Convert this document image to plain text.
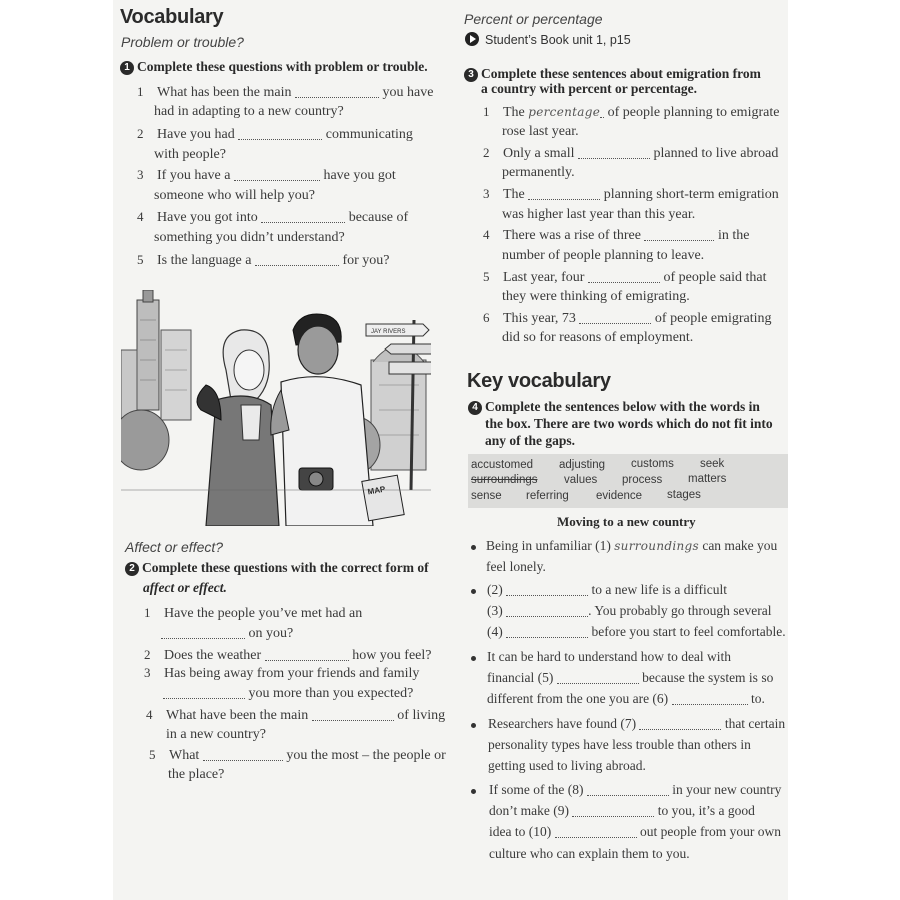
Vocabulary
Problem or trouble?
1 Complete these questions with problem or trouble.
1 What has been the main	you have
had in adapting to a new country?
2 Have you had	communicating
with people?
3 If you have a	have you got
someone who will help you?
4 Have you got into	because of
something you didn’t understand?
5 Is the language a	for you?
JAY RIVERS
MAP
Affect or effect?
2 Complete these questions with the correct form of
affect or effect.
1 Have the people you’ve met had an
on you?
2 Does the weather	how you feel?
3 Has being away from your friends and family
you more than you expected?
4 What have been the main	of living
in a new country?
5 What	you the most – the people or
the place?
Percent or percentage
Student’s Book unit 1, p15
3 Complete these sentences about emigration from
a country with percent or percentage.
1 The percentage of people planning to emigrate
rose last year.
2 Only a small	planned to live abroad
permanently.
3 The	planning short-term emigration
was higher last year than this year.
4 There was a rise of three	in the
number of people planning to leave.
5 Last year, four	of people said that
they were thinking of emigrating.
6 This year, 73	of people emigrating
did so for reasons of employment.
Key vocabulary
4 Complete the sentences below with the words in
the box. There are two words which do not fit into
any of the gaps.
accustomed adjusting customs seek
surroundings values process matters
sense referring evidence stages
Moving to a new country
Being in unfamiliar (1) surroundings can make you
feel lonely.
(2)	to a new life is a difficult
(3)	. You probably go through several
(4)	before you start to feel comfortable.
It can be hard to understand how to deal with
financial (5)	because the system is so
different from the one you are (6)	to.
Researchers have found (7)	that certain
personality types have less trouble than others in
getting used to living abroad.
If some of the (8)	in your new country
don’t make (9)	to you, it’s a good
idea to (10)	out people from your own
culture who can explain them to you.
